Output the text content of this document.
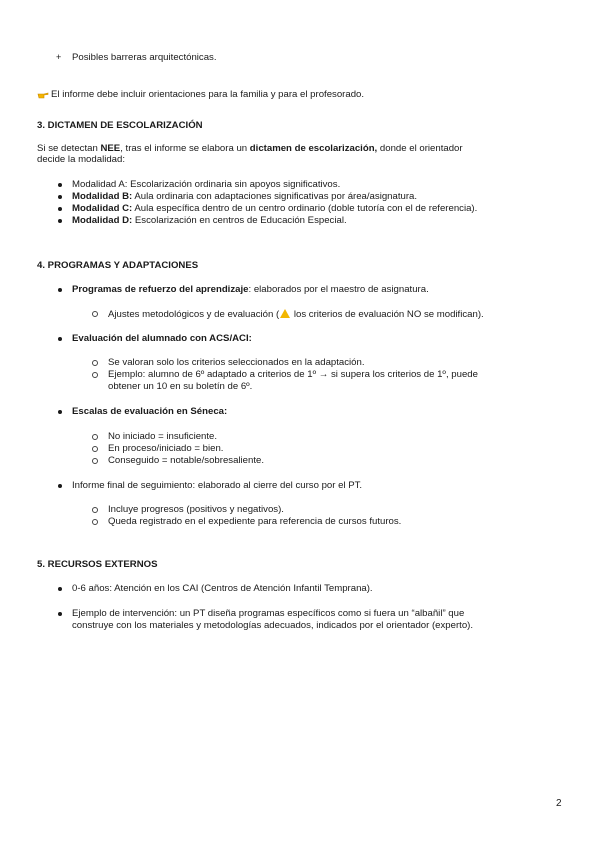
+ Posibles barreras arquitectónicas.
El informe debe incluir orientaciones para la familia y para el profesorado.
3. DICTAMEN DE ESCOLARIZACIÓN
Si se detectan NEE, tras el informe se elabora un dictamen de escolarización, donde el orientador
decide la modalidad:
Modalidad A: Escolarización ordinaria sin apoyos significativos.
Modalidad B: Aula ordinaria con adaptaciones significativas por área/asignatura.
Modalidad C: Aula específica dentro de un centro ordinario (doble tutoría con el de referencia).
Modalidad D: Escolarización en centros de Educación Especial.
4. PROGRAMAS Y ADAPTACIONES
Programas de refuerzo del aprendizaje: elaborados por el maestro de asignatura.
Ajustes metodológicos y de evaluación ( los criterios de evaluación NO se modifican).
Evaluación del alumnado con ACS/ACI:
Se valoran solo los criterios seleccionados en la adaptación.
Ejemplo: alumno de 6º adaptado a criterios de 1º → si supera los criterios de 1º, puede
obtener un 10 en su boletín de 6º.
Escalas de evaluación en Séneca:
No iniciado = insuficiente.
En proceso/iniciado = bien.
Conseguido = notable/sobresaliente.
Informe final de seguimiento: elaborado al cierre del curso por el PT.
Incluye progresos (positivos y negativos).
Queda registrado en el expediente para referencia de cursos futuros.
5. RECURSOS EXTERNOS
0-6 años: Atención en los CAI (Centros de Atención Infantil Temprana).
Ejemplo de intervención: un PT diseña programas específicos como si fuera un “albañil” que
construye con los materiales y metodologías adecuados, indicados por el orientador (experto).
2
